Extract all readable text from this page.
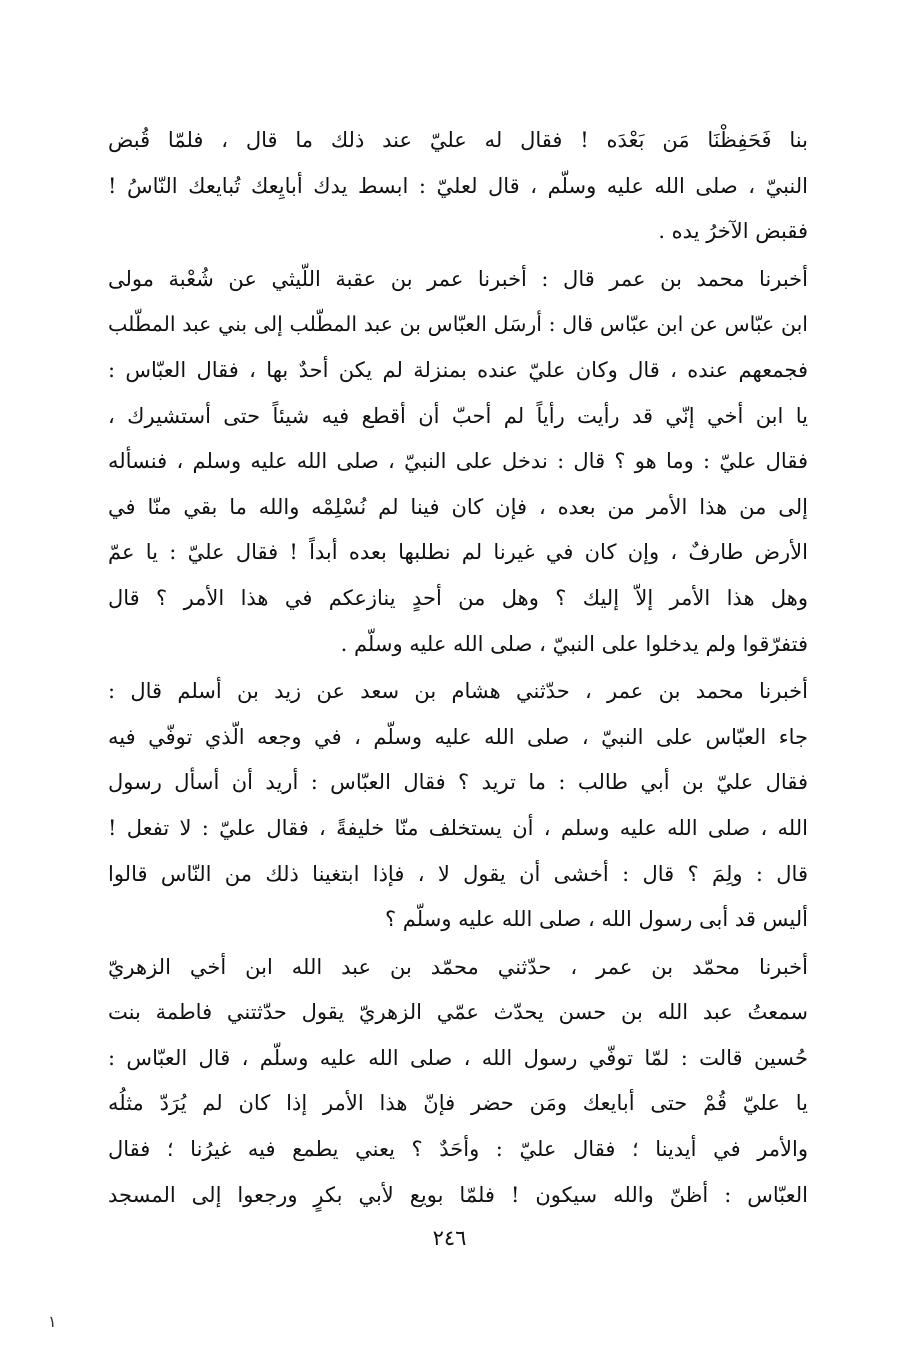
بنا فَحَفِظْنَا مَن بَعْدَه ! فقال له عليّ عند ذلك ما قال ، فلمّا قُبض
النبيّ ، صلى الله عليه وسلّم ، قال لعليّ : ابسط يدك أبايِعك تُبايعك النّاسُ !
فقبض الآخرُ يده .

أخبرنا محمد بن عمر قال : أخبرنا عمر بن عقبة اللّيثي عن شُعْبة مولى
ابن عبّاس عن ابن عبّاس قال : أرسَل العبّاس بن عبد المطّلب إلى بني عبد المطّلب
فجمعهم عنده ، قال وكان عليّ عنده بمنزلة لم يكن أحدٌ بها ، فقال العبّاس :
يا ابن أخي إنّي قد رأيت رأياً لم أحبّ أن أقطع فيه شيئاً حتى أستشيرك ،
فقال عليّ : وما هو ؟ قال : ندخل على النبيّ ، صلى الله عليه وسلم ، فنسأله
إلى من هذا الأمر من بعده ، فإن كان فينا لم نُسْلِمْه والله ما بقي منّا في
الأرض طارفٌ ، وإن كان في غيرنا لم نطلبها بعده أبداً ! فقال عليّ : يا عمّ
وهل هذا الأمر إلاّ إليك ؟ وهل من أحدٍ ينازعكم في هذا الأمر ؟ قال
فتفرّقوا ولم يدخلوا على النبيّ ، صلى الله عليه وسلّم .

أخبرنا محمد بن عمر ، حدّثني هشام بن سعد عن زيد بن أسلم قال :
جاء العبّاس على النبيّ ، صلى الله عليه وسلّم ، في وجعه الّذي توفّي فيه
فقال عليّ بن أبي طالب : ما تريد ؟ فقال العبّاس : أريد أن أسأل رسول
الله ، صلى الله عليه وسلم ، أن يستخلف منّا خليفةً ، فقال عليّ : لا تفعل !
قال : ولِمَ ؟ قال : أخشى أن يقول لا ، فإذا ابتغينا ذلك من النّاس قالوا
أليس قد أبى رسول الله ، صلى الله عليه وسلّم ؟

أخبرنا محمّد بن عمر ، حدّثني محمّد بن عبد الله ابن أخي الزهريّ
سمعتُ عبد الله بن حسن يحدّث عمّي الزهريّ يقول حدّثتني فاطمة بنت
حُسين قالت : لمّا توفّي رسول الله ، صلى الله عليه وسلّم ، قال العبّاس :
يا عليّ قُمْ حتى أبايعك ومَن حضر فإنّ هذا الأمر إذا كان لم يُرَدّ مثلُه
والأمر في أيدينا ؛ فقال عليّ : وأحَدٌ ؟ يعني يطمع فيه غيرُنا ؛ فقال
العبّاس : أظنّ والله سيكون ! فلمّا بويع لأبي بكرٍ ورجعوا إلى المسجد

٢٤٦
١
